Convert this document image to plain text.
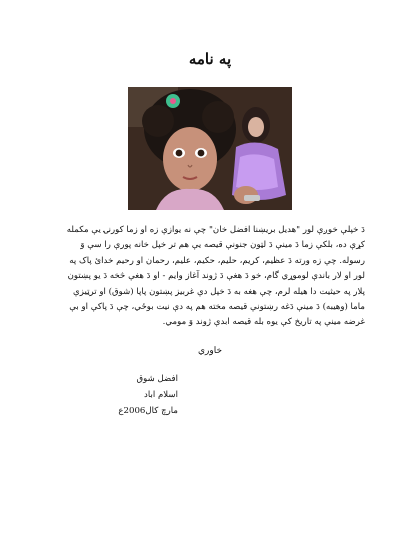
په نامه

دَ خپلې خوږې لور "هديل بريښنا افضل خان" چې نه يوازې زه او زما کورنۍ يې مکمله کړې ده، بلکې زما دَ مينې دَ لټون جنونې قيصه يې هم تر خپل خانه پورې را سې وَ رسوله. چې زه ورته دَ عظيم، کريم، حليم، حکيم، عليم، رحمان او رحيم خدائ پاک په لور او لار باندې لوموړي گام، خو دَ هغې دَ ژوند آغاز وايم - او دَ هغې څخه دَ يو پښتون پلار په حيثيت دا هيله لرم، چې هغه به دَ خپل دې غربيز پښتون پاپا (شوق) او ترټيزې ماما (وهيبه) دَ مينې دَغه رښتونې قيصه مخته هم په دې نيت بوځي، چې دَ پاکې او بې غرضه مينې په تاريخ کې يوه بله قيصه ابدې ژوند وَ مومي.

خاوري
افضل شوق
اسلام اباد
مارچ کال2006ع
